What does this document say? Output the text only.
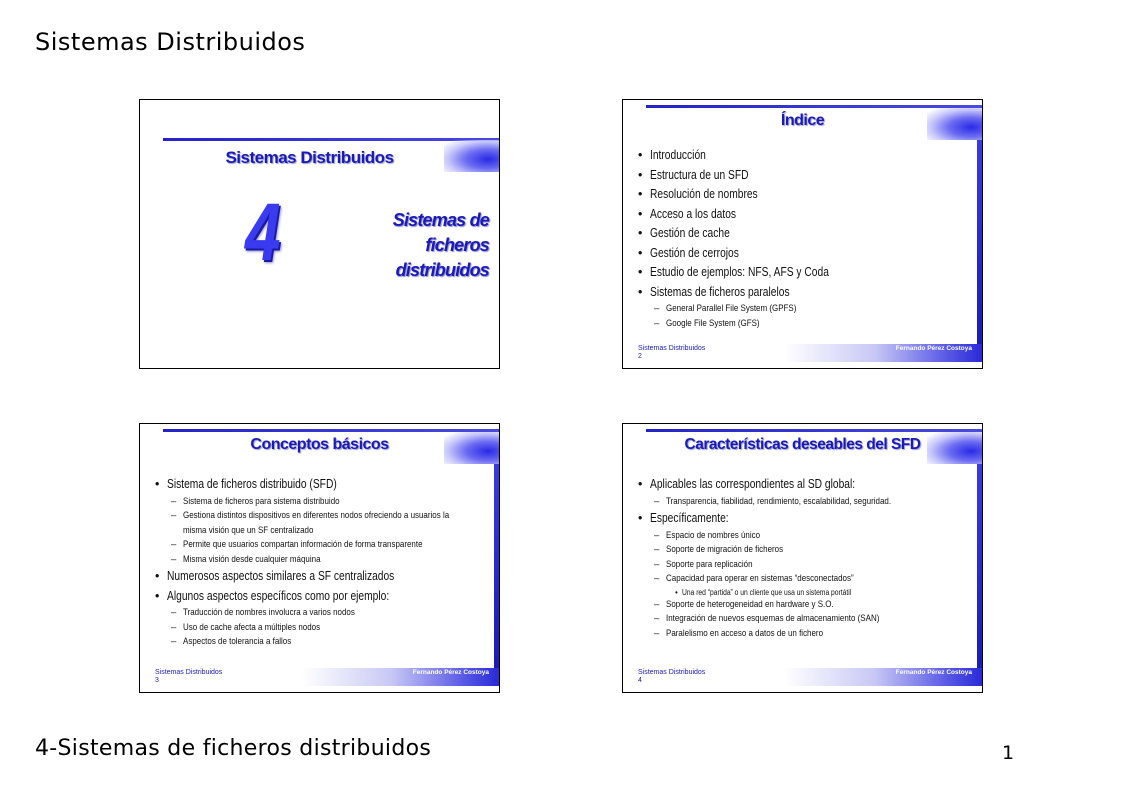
Sistemas Distribuidos
Sistemas Distribuidos
4	Sistemas de
ficheros
distribuidos
Índice
• Introducción
• Estructura de un SFD
• Resolución de nombres
• Acceso a los datos
• Gestión de cache
• Gestión de cerrojos
• Estudio de ejemplos: NFS, AFS y Coda
• Sistemas de ficheros paralelos
– General Parallel File System (GPFS)
– Google File System (GFS)
Sistemas Distribuidos
2
Fernando Pérez Costoya
Conceptos básicos
• Sistema de ficheros distribuido (SFD)
– Sistema de ficheros para sistema distribuido
– Gestiona distintos dispositivos en diferentes nodos ofreciendo a usuarios la misma visión que un SF centralizado
– Permite que usuarios compartan información de forma transparente
– Misma visión desde cualquier máquina
• Numerosos aspectos similares a SF centralizados
• Algunos aspectos específicos como por ejemplo:
– Traducción de nombres involucra a varios nodos
– Uso de cache afecta a múltiples nodos
– Aspectos de tolerancia a fallos
Sistemas Distribuidos
3
Fernando Pérez Costoya
Características deseables del SFD
• Aplicables las correspondientes al SD global:
– Transparencia, fiabilidad, rendimiento, escalabilidad, seguridad.
• Específicamente:
– Espacio de nombres único
– Soporte de migración de ficheros
– Soporte para replicación
– Capacidad para operar en sistemas “desconectados”
• Una red “partida” o un cliente que usa un sistema portátil
– Soporte de heterogeneidad en hardware y S.O.
– Integración de nuevos esquemas de almacenamiento (SAN)
– Paralelismo en acceso a datos de un fichero
Sistemas Distribuidos
4
Fernando Pérez Costoya
4-Sistemas de ficheros distribuidos	1
